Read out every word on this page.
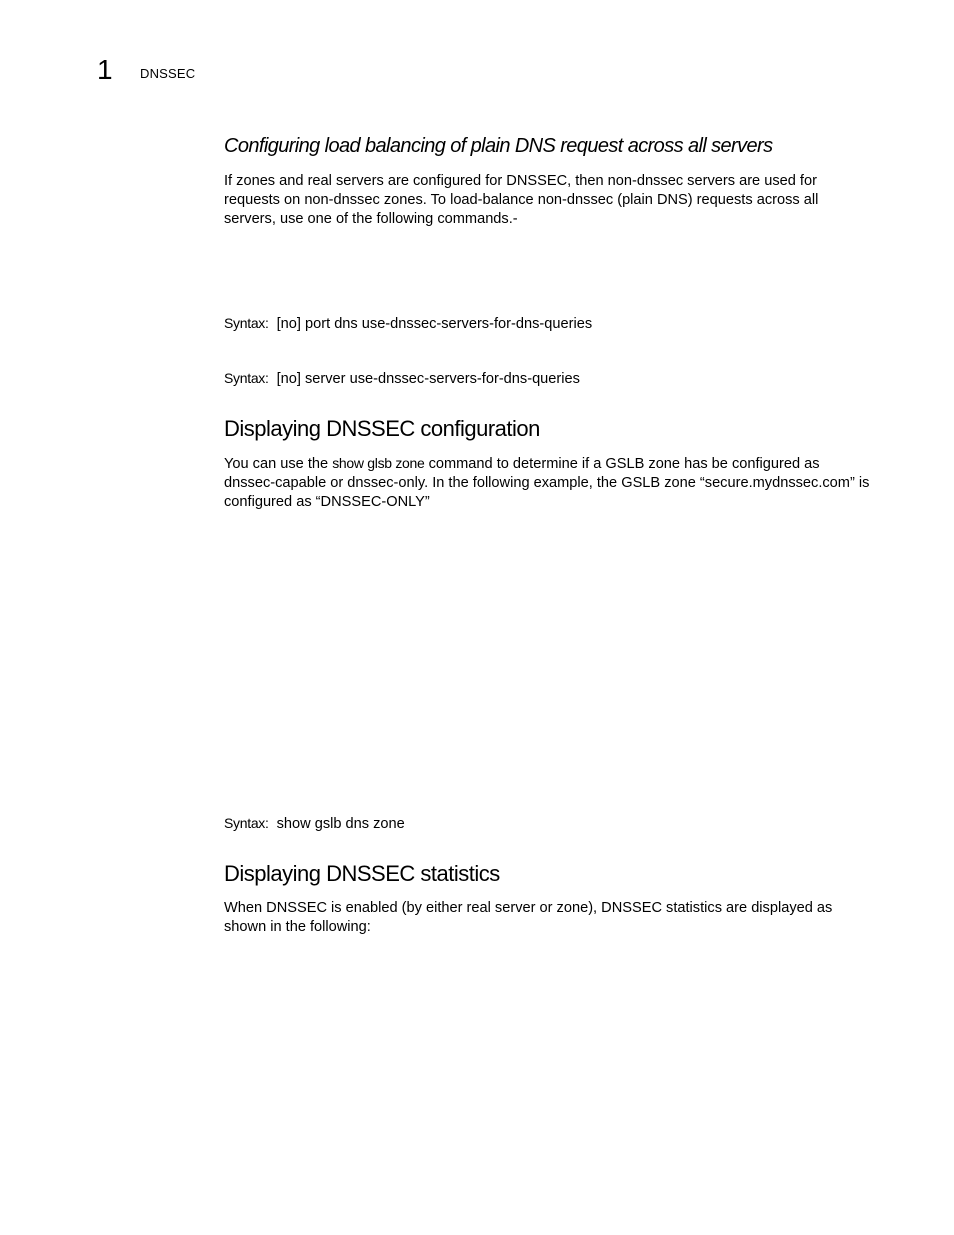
1 DNSSEC
Configuring load balancing of plain DNS request across all servers
If zones and real servers are configured for DNSSEC, then non-dnssec servers are used for requests on non-dnssec zones. To load-balance non-dnssec (plain DNS) requests across all servers, use one of the following commands.-
Syntax: [no] port dns use-dnssec-servers-for-dns-queries
Syntax: [no] server use-dnssec-servers-for-dns-queries
Displaying DNSSEC configuration
You can use the show glsb zone command to determine if a GSLB zone has be configured as dnssec-capable or dnssec-only. In the following example, the GSLB zone “secure.mydnssec.com” is configured as “DNSSEC-ONLY”
Syntax: show gslb dns zone
Displaying DNSSEC statistics
When DNSSEC is enabled (by either real server or zone), DNSSEC statistics are displayed as shown in the following:
